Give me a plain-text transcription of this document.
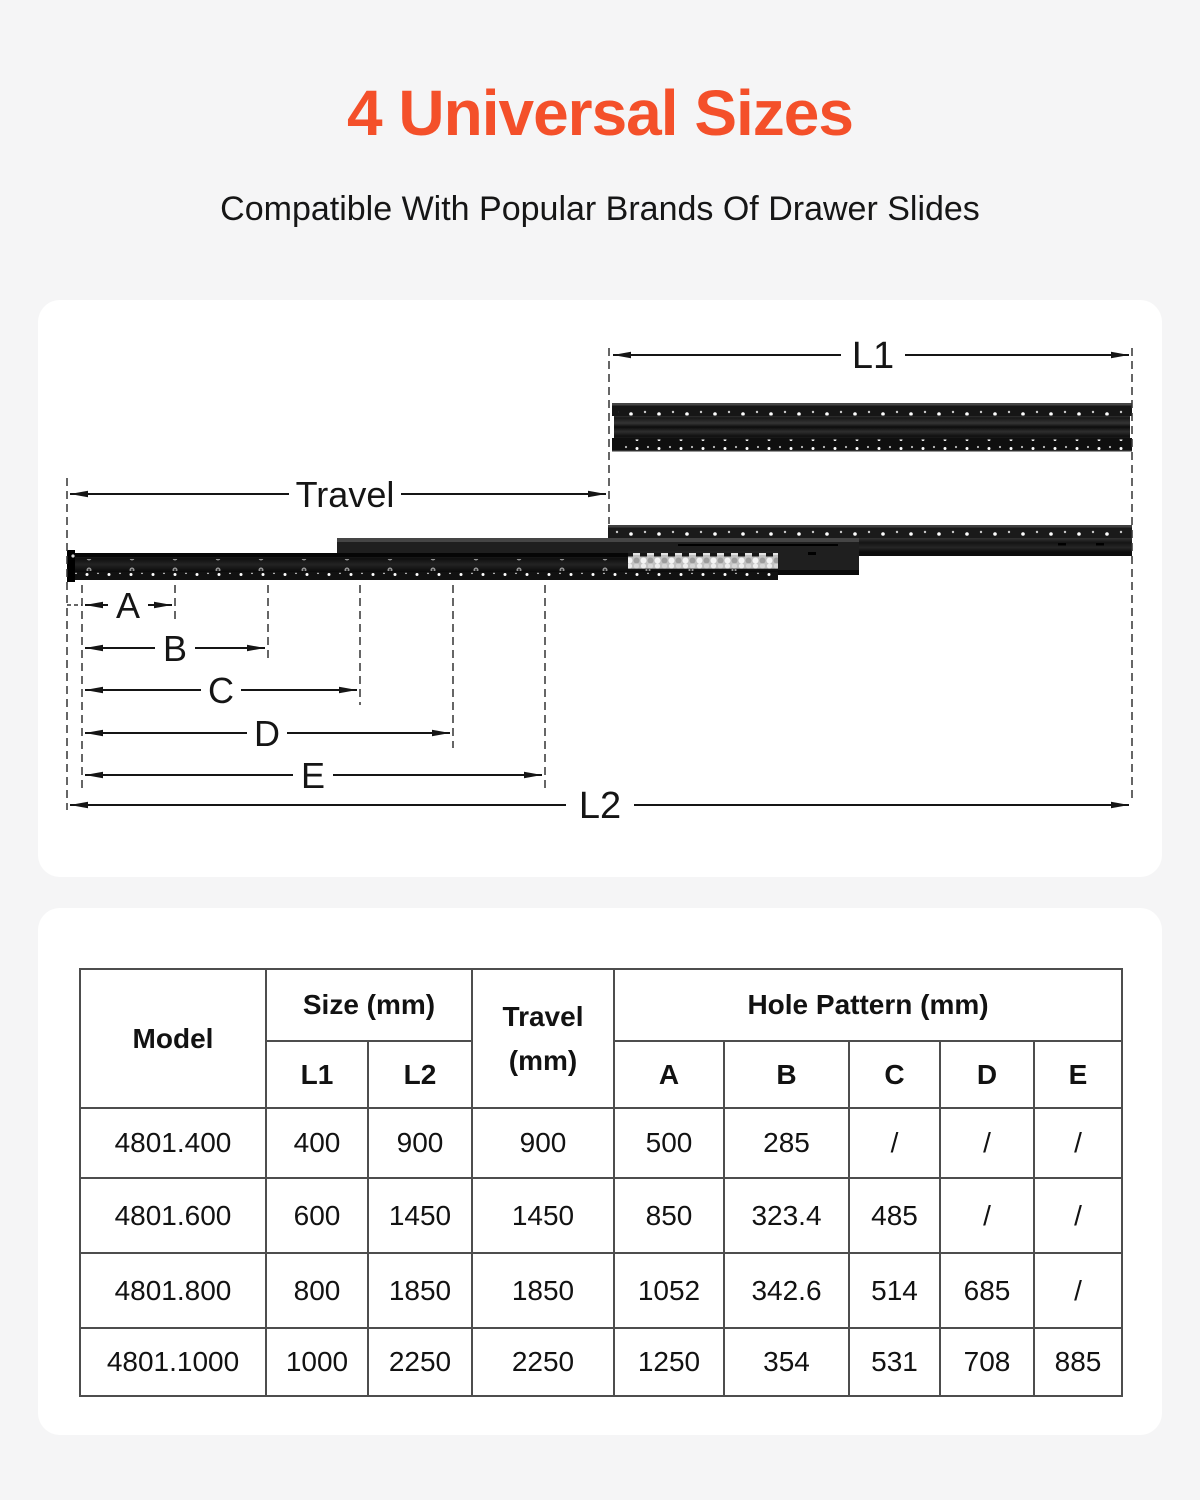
4 Universal Sizes

Compatible With Popular Brands Of Drawer Slides

L1
Travel
A
B
C
D
E
L2
Model	Size (mm)		Travel (mm)	Hole Pattern (mm)				
	L1	L2		A	B	C	D	E
4801.400	400	900	900	500	285	/	/	/
4801.600	600	1450	1450	850	323.4	485	/	/
4801.800	800	1850	1850	1052	342.6	514	685	/
4801.1000	1000	2250	2250	1250	354	531	708	885
